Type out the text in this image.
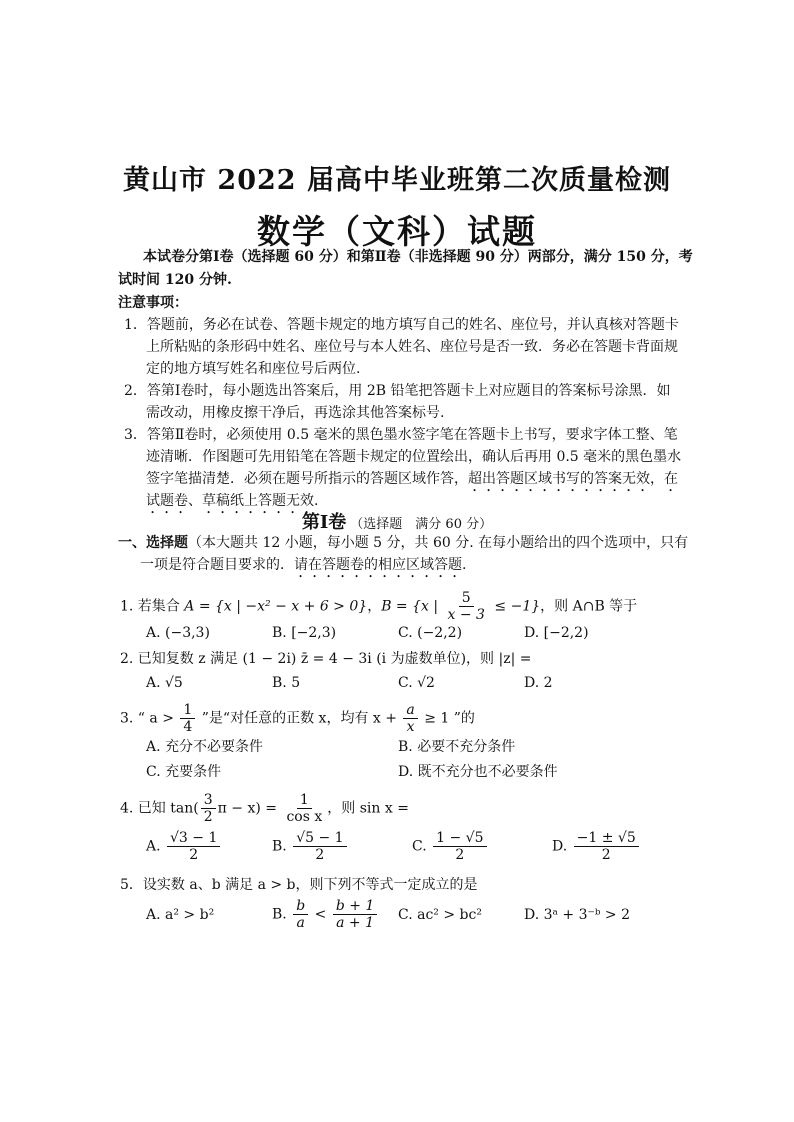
黄山市 2022 届高中毕业班第二次质量检测
数学（文科）试题
本试卷分第Ⅰ卷（选择题 60 分）和第Ⅱ卷（非选择题 90 分）两部分，满分 150 分，考
试时间 120 分钟.
注意事项：
1．答题前，务必在试卷、答题卡规定的地方填写自己的姓名、座位号，并认真核对答题卡
上所粘贴的条形码中姓名、座位号与本人姓名、座位号是否一致．务必在答题卡背面规
定的地方填写姓名和座位号后两位.
2．答第Ⅰ卷时，每小题选出答案后，用 2B 铅笔把答题卡上对应题目的答案标号涂黑．如
需改动，用橡皮擦干净后，再选涂其他答案标号.
3．答第Ⅱ卷时，必须使用 0.5 毫米的黑色墨水签字笔在答题卡上书写，要求字体工整、笔
迹清晰．作图题可先用铅笔在答题卡规定的位置绘出，确认后再用 0.5 毫米的黑色墨水
签字笔描清楚．必须在题号所指示的答题区域作答，超出答题区域书写的答案无效，在
试题卷、草稿纸上答题无效.
第Ⅰ卷 （选择题　满分 60 分）
一、选择题（本大题共 12 小题，每小题 5 分，共 60 分. 在每小题给出的四个选项中，只有
一项是符合题目要求的．请在答题卷的相应区域答题.
1. 若集合 A = {x | −x² − x + 6 > 0}，B = {x | $\frac{5}{x - 3} \le -1$}，则 A∩B 等于
A. (−3,3)	B. [−2,3)	C. (−2,2)	D. [−2,2)
2. 已知复数 z 满足 (1 − 2i) z̄ = 4 − 3i (i 为虚数单位)，则 |z| =
A. √5	B. 5	C. √2	D. 2
3. “ $a > \frac{1}{4}$ ”是“对任意的正数 x，均有 $x + \frac{a}{x} \ge 1$ ”的
A. 充分不必要条件	B. 必要不充分条件
C. 充要条件	D. 既不充分也不必要条件
4. 已知 $\tan( \frac{3}{2}$ $\pi - x) = \frac{1}{\text{cos x}}$ ，则 sin x =
A. $\frac{√3 - 1}{2}$	B. $\frac{√5 - 1}{2}$	C. $\frac{1 - √5}{2}$	D. $\frac{-1 \pm √5}{2}$
5．设实数 a、b 满足 a > b，则下列不等式一定成立的是
A. a² > b²	B. $\frac{b}{a} < \frac{b + 1}{a + 1} C$. ac² > bc²	D. 3ᵃ + 3⁻ᵇ > 2
